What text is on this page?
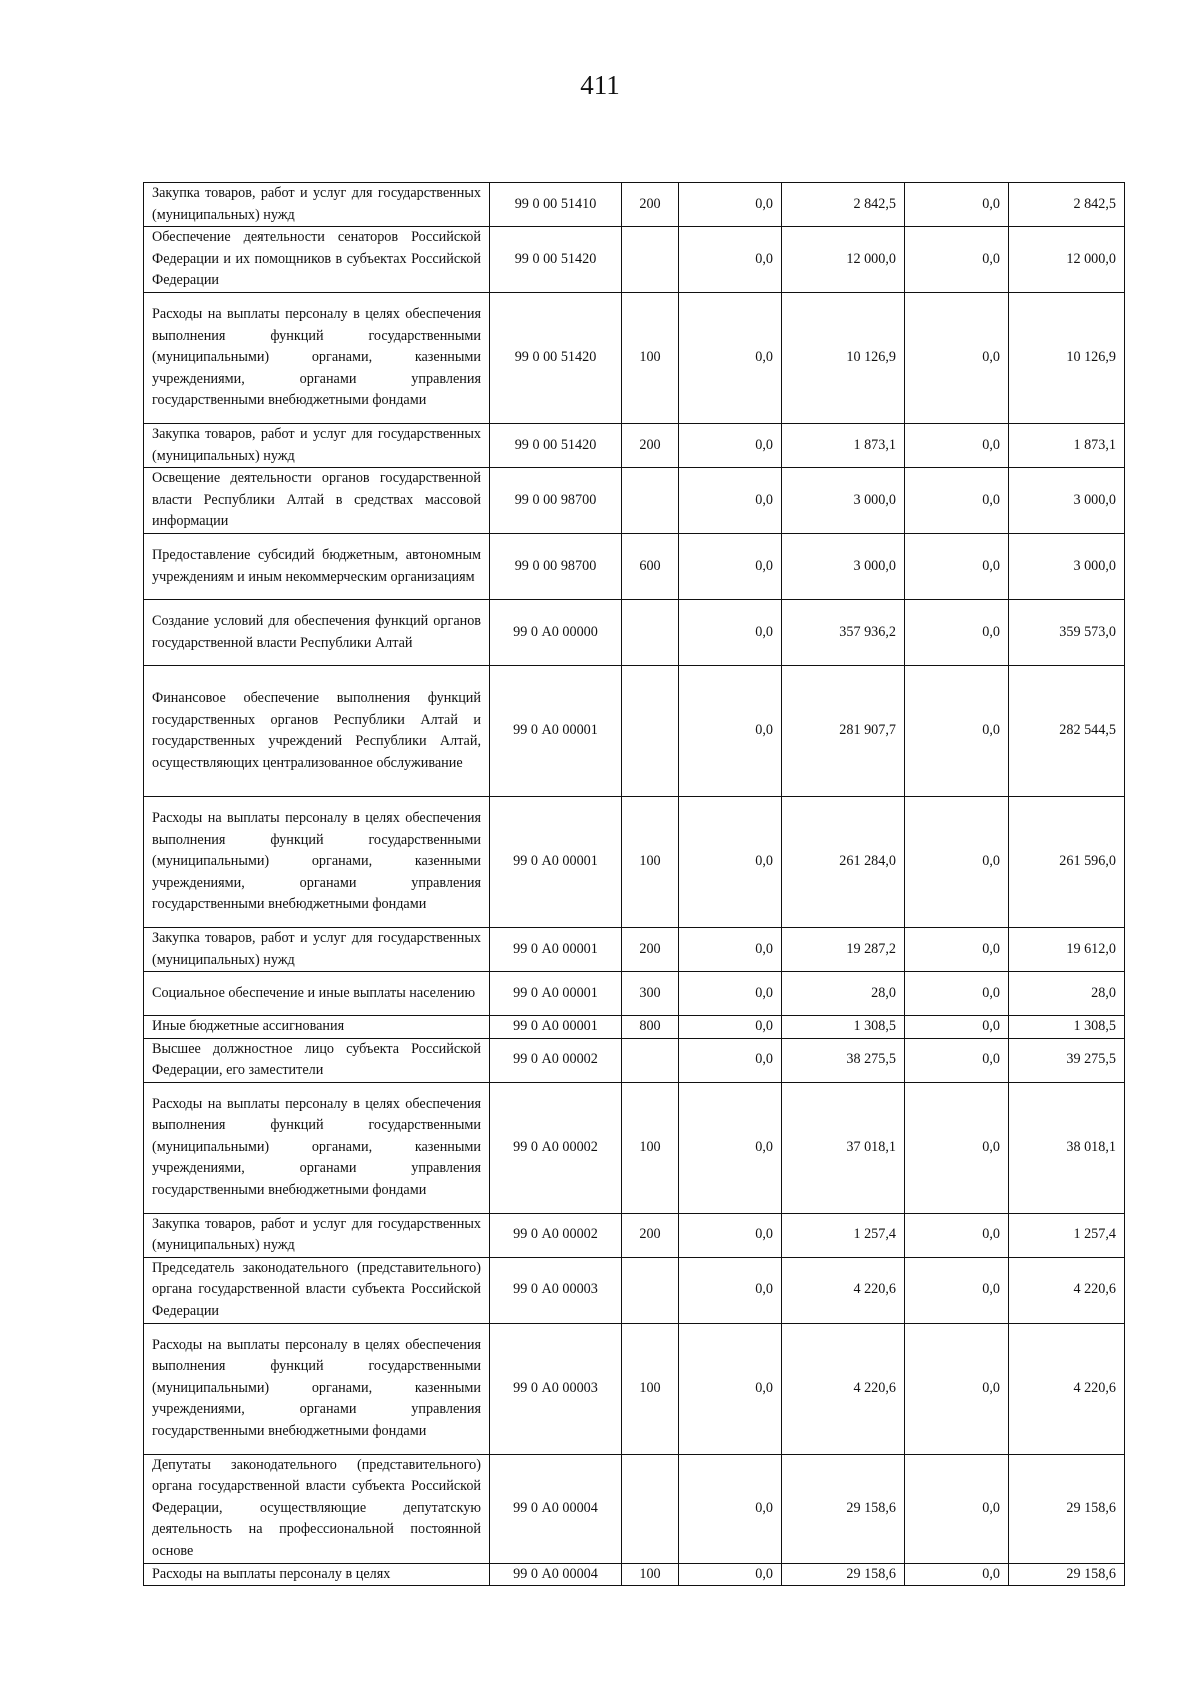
411
Закупка товаров, работ и услуг для государственных (муниципальных) нужд	99 0 00 51410	200	0,0	2 842,5	0,0	2 842,5
Обеспечение деятельности сенаторов Российской Федерации и их помощников в субъектах Российской Федерации	99 0 00 51420		0,0	12 000,0	0,0	12 000,0
Расходы на выплаты персоналу в целях обеспечения выполнения функций государственными (муниципальными) органами, казенными учреждениями, органами управления государственными внебюджетными фондами	99 0 00 51420	100	0,0	10 126,9	0,0	10 126,9
Закупка товаров, работ и услуг для государственных (муниципальных) нужд	99 0 00 51420	200	0,0	1 873,1	0,0	1 873,1
Освещение деятельности органов государственной власти Республики Алтай в средствах массовой информации	99 0 00 98700		0,0	3 000,0	0,0	3 000,0
Предоставление субсидий бюджетным, автономным учреждениям и иным некоммерческим организациям	99 0 00 98700	600	0,0	3 000,0	0,0	3 000,0
Создание условий для обеспечения функций органов государственной власти Республики Алтай	99 0 А0 00000		0,0	357 936,2	0,0	359 573,0
Финансовое обеспечение выполнения функций государственных органов Республики Алтай и государственных учреждений Республики Алтай, осуществляющих централизованное обслуживание	99 0 А0 00001		0,0	281 907,7	0,0	282 544,5
Расходы на выплаты персоналу в целях обеспечения выполнения функций государственными (муниципальными) органами, казенными учреждениями, органами управления государственными внебюджетными фондами	99 0 А0 00001	100	0,0	261 284,0	0,0	261 596,0
Закупка товаров, работ и услуг для государственных (муниципальных) нужд	99 0 А0 00001	200	0,0	19 287,2	0,0	19 612,0
Социальное обеспечение и иные выплаты населению	99 0 А0 00001	300	0,0	28,0	0,0	28,0
Иные бюджетные ассигнования	99 0 А0 00001	800	0,0	1 308,5	0,0	1 308,5
Высшее должностное лицо субъекта Российской Федерации, его заместители	99 0 А0 00002		0,0	38 275,5	0,0	39 275,5
Расходы на выплаты персоналу в целях обеспечения выполнения функций государственными (муниципальными) органами, казенными учреждениями, органами управления государственными внебюджетными фондами	99 0 А0 00002	100	0,0	37 018,1	0,0	38 018,1
Закупка товаров, работ и услуг для государственных (муниципальных) нужд	99 0 А0 00002	200	0,0	1 257,4	0,0	1 257,4
Председатель законодательного (представительного) органа государственной власти субъекта Российской Федерации	99 0 А0 00003		0,0	4 220,6	0,0	4 220,6
Расходы на выплаты персоналу в целях обеспечения выполнения функций государственными (муниципальными) органами, казенными учреждениями, органами управления государственными внебюджетными фондами	99 0 А0 00003	100	0,0	4 220,6	0,0	4 220,6
Депутаты законодательного (представительного) органа государственной власти субъекта Российской Федерации, осуществляющие депутатскую деятельность на профессиональной постоянной основе	99 0 А0 00004		0,0	29 158,6	0,0	29 158,6
Расходы на выплаты персоналу в целях	99 0 А0 00004	100	0,0	29 158,6	0,0	29 158,6
